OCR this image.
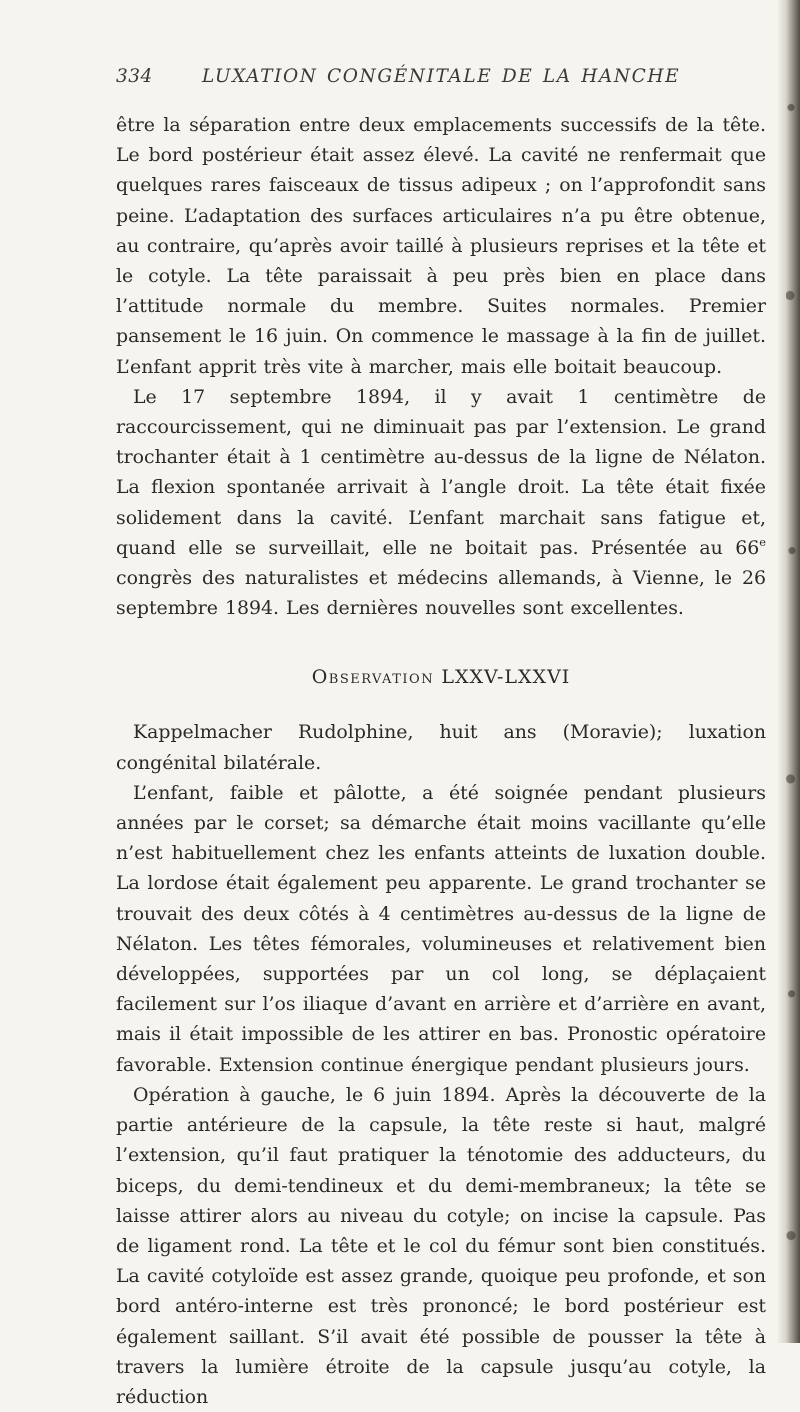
334	LUXATION CONGÉNITALE DE LA HANCHE

être la séparation entre deux emplacements successifs de la tête. Le bord postérieur était assez élevé. La cavité ne renfermait que quelques rares faisceaux de tissus adipeux ; on l’approfondit sans peine. L’adaptation des surfaces articulaires n’a pu être obtenue, au contraire, qu’après avoir taillé à plusieurs reprises et la tête et le cotyle. La tête paraissait à peu près bien en place dans l’attitude normale du membre. Suites normales. Premier pansement le 16 juin. On commence le massage à la fin de juillet. L’enfant apprit très vite à marcher, mais elle boitait beaucoup.

Le 17 septembre 1894, il y avait 1 centimètre de raccourcissement, qui ne diminuait pas par l’extension. Le grand trochanter était à 1 centimètre au-dessus de la ligne de Nélaton. La flexion spontanée arrivait à l’angle droit. La tête était fixée solidement dans la cavité. L’enfant marchait sans fatigue et, quand elle se surveillait, elle ne boitait pas. Présentée au 66e congrès des naturalistes et médecins allemands, à Vienne, le 26 septembre 1894. Les dernières nouvelles sont excellentes.

Observation LXXV-LXXVI

Kappelmacher Rudolphine, huit ans (Moravie); luxation congénital bilatérale.

L’enfant, faible et pâlotte, a été soignée pendant plusieurs années par le corset; sa démarche était moins vacillante qu’elle n’est habituellement chez les enfants atteints de luxation double. La lordose était également peu apparente. Le grand trochanter se trouvait des deux côtés à 4 centimètres au-dessus de la ligne de Nélaton. Les têtes fémorales, volumineuses et relativement bien développées, supportées par un col long, se déplaçaient facilement sur l’os iliaque d’avant en arrière et d’arrière en avant, mais il était impossible de les attirer en bas. Pronostic opératoire favorable. Extension continue énergique pendant plusieurs jours.

Opération à gauche, le 6 juin 1894. Après la découverte de la partie antérieure de la capsule, la tête reste si haut, malgré l’extension, qu’il faut pratiquer la ténotomie des adducteurs, du biceps, du demi-tendineux et du demi-membraneux; la tête se laisse attirer alors au niveau du cotyle; on incise la capsule. Pas de ligament rond. La tête et le col du fémur sont bien constitués. La cavité cotyloïde est assez grande, quoique peu profonde, et son bord antéro-interne est très prononcé; le bord postérieur est également saillant. S’il avait été possible de pousser la tête à travers la lumière étroite de la capsule jusqu’au cotyle, la réduction
